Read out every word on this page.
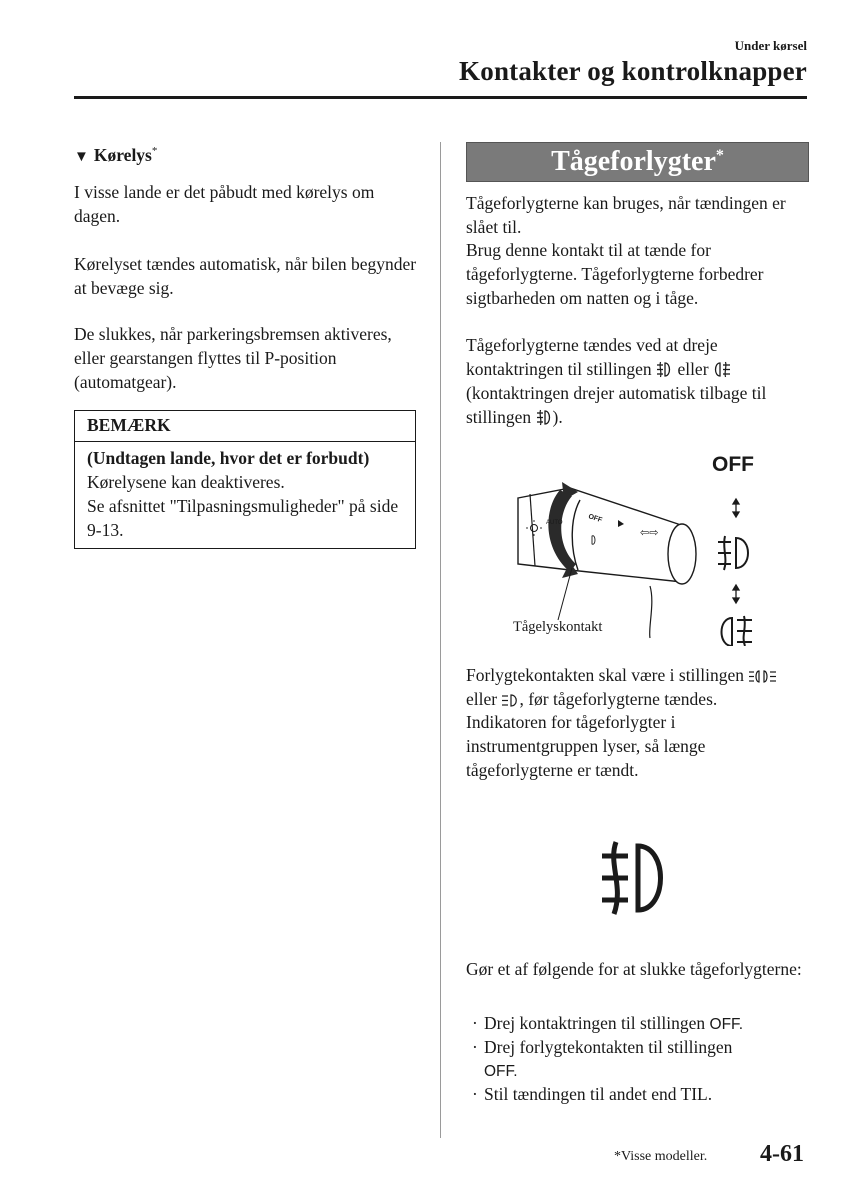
Under kørsel
Kontakter og kontrolknapper
▼ Kørelys*
I visse lande er det påbudt med kørelys om dagen.
Kørelyset tændes automatisk, når bilen begynder at bevæge sig.
De slukkes, når parkeringsbremsen aktiveres, eller gearstangen flyttes til P-position (automatgear).
BEMÆRK
(Undtagen lande, hvor det er forbudt)
Kørelysene kan deaktiveres.
Se afsnittet "Tilpasningsmuligheder" på side 9-13.
Tågeforlygter*
Tågeforlygterne kan bruges, når tændingen er slået til.
Brug denne kontakt til at tænde for tågeforlygterne. Tågeforlygterne forbedrer sigtbarheden om natten og i tåge.
Tågeforlygterne tændes ved at dreje kontaktringen til stillingen eller  (kontaktringen drejer automatisk tilbage til stillingen ).
OFF
AUTO	OFF
⇦⇨
Tågelyskontakt
Forlygtekontakten skal være i stillingen  eller , før tågeforlygterne tændes.
Indikatoren for tågeforlygter i instrumentgruppen lyser, så længe tågeforlygterne er tændt.
Gør et af følgende for at slukke tågeforlygterne:
· Drej kontaktringen til stillingen OFF.
· Drej forlygtekontakten til stillingen
OFF.
· Stil tændingen til andet end TIL.
*Visse modeller. 4-61
